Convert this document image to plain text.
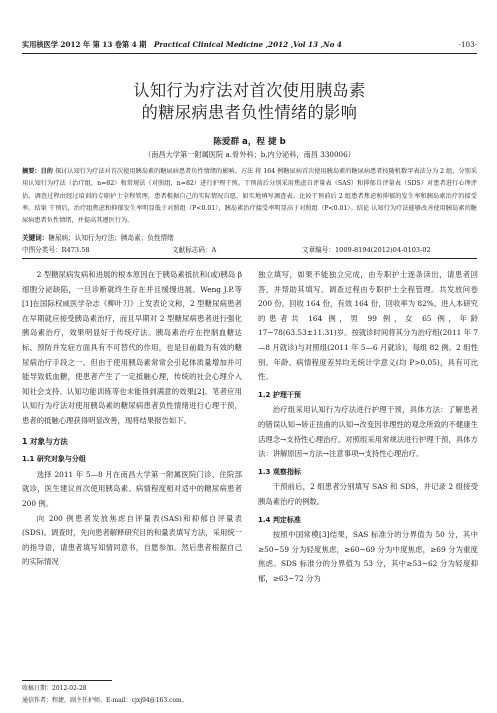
实用核医学 2012 年 第 13 卷第 4 期 Practical Clinical Medicine ,2012 ,Vol 13 ,No 4	·103·
认知行为疗法对首次使用胰岛素
的糖尿病患者负性情绪的影响
陈爱群 a，程 捷 b
（南昌大学第一附属医院 a.骨外科；b.内分泌科，南昌 330006）
摘要：目的 探讨认知行为疗法对首次使用胰岛素的糖尿病患者负性情绪的影响。方法 将 164 例糖尿病首次使用胰岛素的糖尿病患者按随机数字表法分为 2 组，分别采用认知行为疗法（治疗组，n=82）和常规法（对照组，n=82）进行护理干预。干预前后分别采用焦虑自评量表（SAS）和抑郁自评量表（SDS）对患者进行心理评估，调查过程由经过培训的专职护士全程管理，患者根据自己的实际情况自愿，如实地填写调查表。比较干预前后 2 组患者焦虑和抑郁的发生率和胰岛素治疗的接受率。结果 干预后，治疗组焦虑和抑郁发生率明显低于对照组（P<0.01），胰岛素治疗接受率明显高于对照组（P<0.01）。结论 认知行为疗法能够改善使用胰岛素的糖尿病患者负性情绪，并提高其遵医行为。
关键词：糖尿病；认知行为疗法；胰岛素；负性情绪
中图分类号：R473.58	文献标志码：A	文章编号：1009-8194(2012)04-0103-02

2 型糖尿病发病和进展的根本原因在于胰岛素抵抗和(或)胰岛 β 细胞分泌缺陷，一旦诊断就终生存在并且缓慢进展。Weng J.P.等[1]在国际权威医学杂志《柳叶刀》上发表论文称，2 型糖尿病患者在早期就应接受胰岛素治疗，而且早期对 2 型糖尿病患者进行强化胰岛素治疗，效果明显好于传统疗法。胰岛素治疗在控制血糖达标、预防并发症方面具有不可替代的作用，也是目前最为有效的糖尿病治疗手段之一。但由于使用胰岛素常常会引起体质量增加并可能导致低血糖，使患者产生了一定抵触心理，传统的社会心理介入知社会支持、认知功能训练等也未能得到满意的效果[2]。笔者应用认知行为疗法对使用胰岛素的糖尿病患者负性情绪进行心理干预，患者的抵触心理获得明显改善，现将结果报告如下。

1 对象与方法
1.1 研究对象与分组

选择 2011 年 5—8 月在南昌大学第一附属医院门诊、住院部就诊，医生建议首次使用胰岛素、病情程度相对适中的糖尿病患者 200 例。

向 200 例患者发放焦虑自评量表(SAS)和抑郁自评量表(SDS)。调查时，先向患者解释研究目的和量表填写方法，采用统一的指导语，请患者填写知情同意书，自愿参加。然后患者根据自己的实际情况

独立填写，如果不能独立完成，由专职护士逐条读出，请患者回答，并帮助其填写。调查过程由专职护士全程管理。共发放问卷 200 份，回收 164 份，有效 164 份，回收率为 82%。进入本研究的患者共 164 例，男 99 例，女 65 例，年龄 17~78(63.53±11.31)岁。按就诊时间将其分为治疗组(2011 年 7—8 月就诊)与对照组(2011 年 5—6 月就诊)，每组 82 例。2 组性别、年龄、病情程度差异均无统计学意义(均 P>0.05)，具有可比性。

1.2 护理干预

治疗组采用认知行为疗法进行护理干预，具体方法：了解患者的错误认知→矫正扭曲的认知→改变因非理性的观念所致的不健康生活理念→支持性心理治疗。对照组采用常规法进行护理干预，具体方法：讲解原因→方法→注意事项→支持性心理治疗。

1.3 观察指标

干预前后，2 组患者分别填写 SAS 和 SDS，并记录 2 组接受胰岛素治疗的例数。

1.4 判定标准

按照中国常模[3]结果，SAS 标准分的分界值为 50 分，其中≥50~59 分为轻度焦虑，≥60~69 分为中度焦虑，≥69 分为重度焦虑。SDS 标准分的分界值为 53 分，其中≥53~62 分为轻度抑郁，≥63~72 分为

收稿日期：2012-02-28
通信作者：程捷，副主任护师，E-mail：cjxj94@163.com。
